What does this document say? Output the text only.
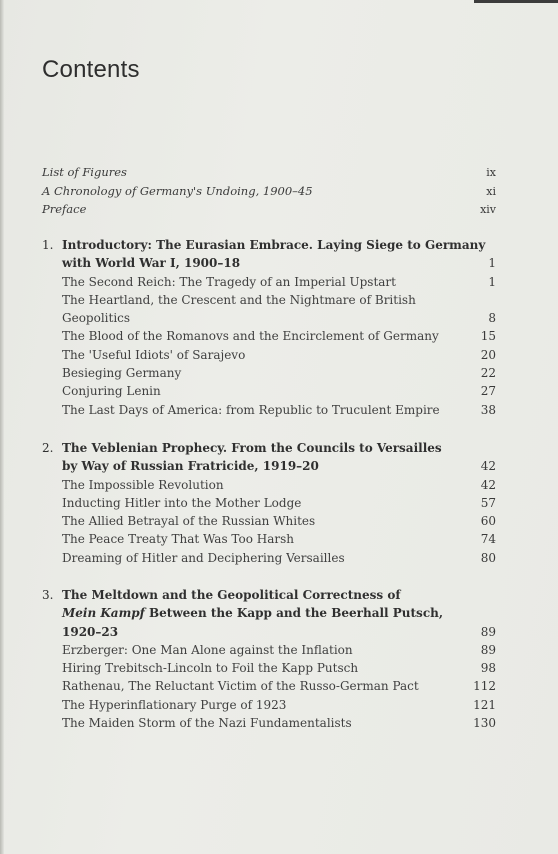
Contents
List of Figures	ix
A Chronology of Germany's Undoing, 1900–45	xi
Preface	xiv
1. Introductory: The Eurasian Embrace. Laying Siege to Germany
with World War I, 1900–18	1
The Second Reich: The Tragedy of an Imperial Upstart	1
The Heartland, the Crescent and the Nightmare of British
Geopolitics	8
The Blood of the Romanovs and the Encirclement of Germany	15
The 'Useful Idiots' of Sarajevo	20
Besieging Germany	22
Conjuring Lenin	27
The Last Days of America: from Republic to Truculent Empire	38
2. The Veblenian Prophecy. From the Councils to Versailles
by Way of Russian Fratricide, 1919–20	42
The Impossible Revolution	42
Inducting Hitler into the Mother Lodge	57
The Allied Betrayal of the Russian Whites	60
The Peace Treaty That Was Too Harsh	74
Dreaming of Hitler and Deciphering Versailles	80
3. The Meltdown and the Geopolitical Correctness of
Mein Kampf Between the Kapp and the Beerhall Putsch,
1920–23	89
Erzberger: One Man Alone against the Inflation	89
Hiring Trebitsch-Lincoln to Foil the Kapp Putsch	98
Rathenau, The Reluctant Victim of the Russo-German Pact	112
The Hyperinflationary Purge of 1923	121
The Maiden Storm of the Nazi Fundamentalists	130
